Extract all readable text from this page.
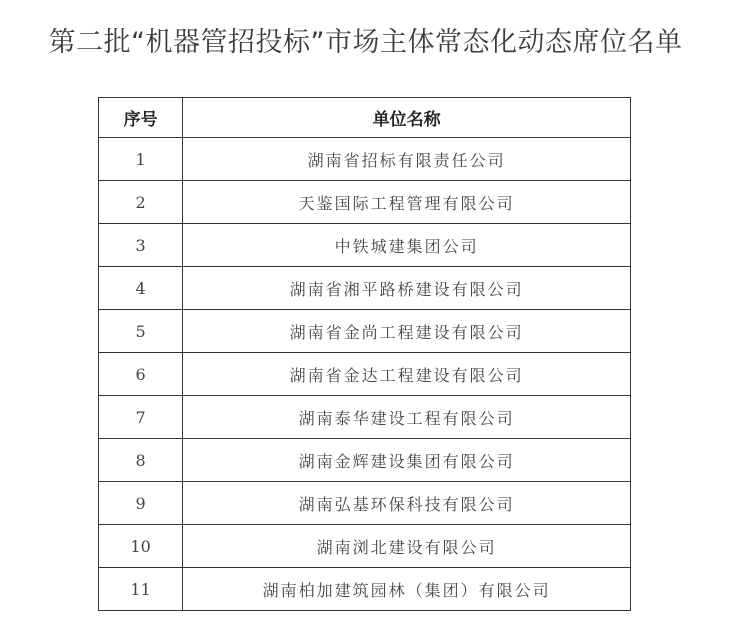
第二批“机器管招投标”市场主体常态化动态席位名单
序号	单位名称
1	湖南省招标有限责任公司
2	天鉴国际工程管理有限公司
3	中铁城建集团公司
4	湖南省湘平路桥建设有限公司
5	湖南省金尚工程建设有限公司
6	湖南省金达工程建设有限公司
7	湖南泰华建设工程有限公司
8	湖南金辉建设集团有限公司
9	湖南弘基环保科技有限公司
10	湖南浏北建设有限公司
11	湖南柏加建筑园林（集团）有限公司
